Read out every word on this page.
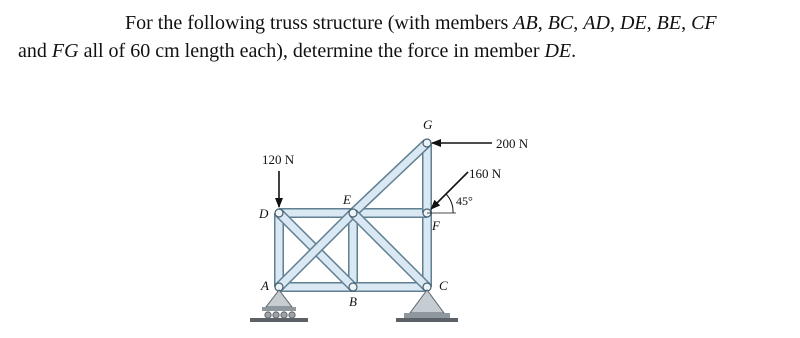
For the following truss structure (with members AB, BC, AD, DE, BE, CF
and FG all of 60 cm length each), determine the force in member DE.
G
E
D
F
A
B
C
200 N
160 N
120 N
45°
